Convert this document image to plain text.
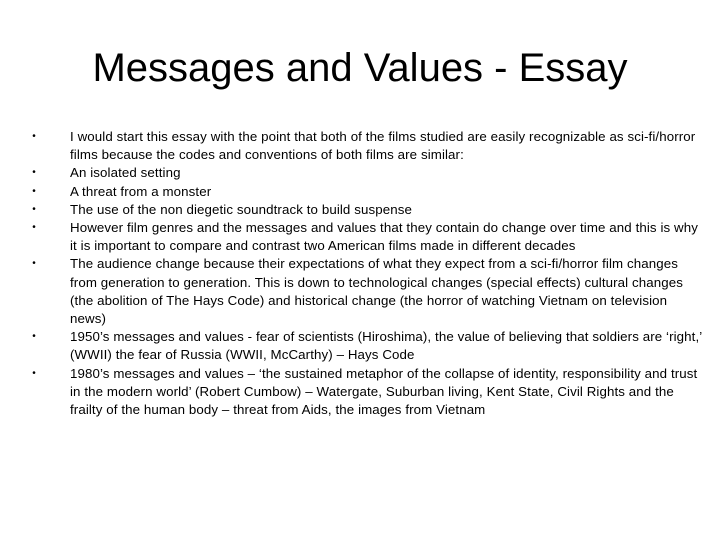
Messages and Values - Essay
•	I would start this essay with the point that both of the films studied are easily recognizable as sci-fi/horror films because the codes and conventions of both films are similar:
•	An isolated setting
•	A threat from a monster
•	The use of the non diegetic soundtrack to build suspense
•	However film genres and the messages and values that they contain do change over time and this is why it is important to compare and contrast two American films made in different decades
•	The audience change because their expectations of what they expect from a sci-fi/horror film changes from generation to generation. This is down to technological changes (special effects) cultural changes (the abolition of The Hays Code) and historical change (the horror of watching Vietnam on television news)
•	1950’s messages and values - fear of scientists (Hiroshima), the value of believing that soldiers are ‘right,’ (WWII) the fear of Russia (WWII, McCarthy) – Hays Code
•	1980’s messages and values – ‘the sustained metaphor of the collapse of identity, responsibility and trust in the modern world’ (Robert Cumbow) – Watergate, Suburban living, Kent State, Civil Rights and the frailty of the human body – threat from Aids, the images from Vietnam
